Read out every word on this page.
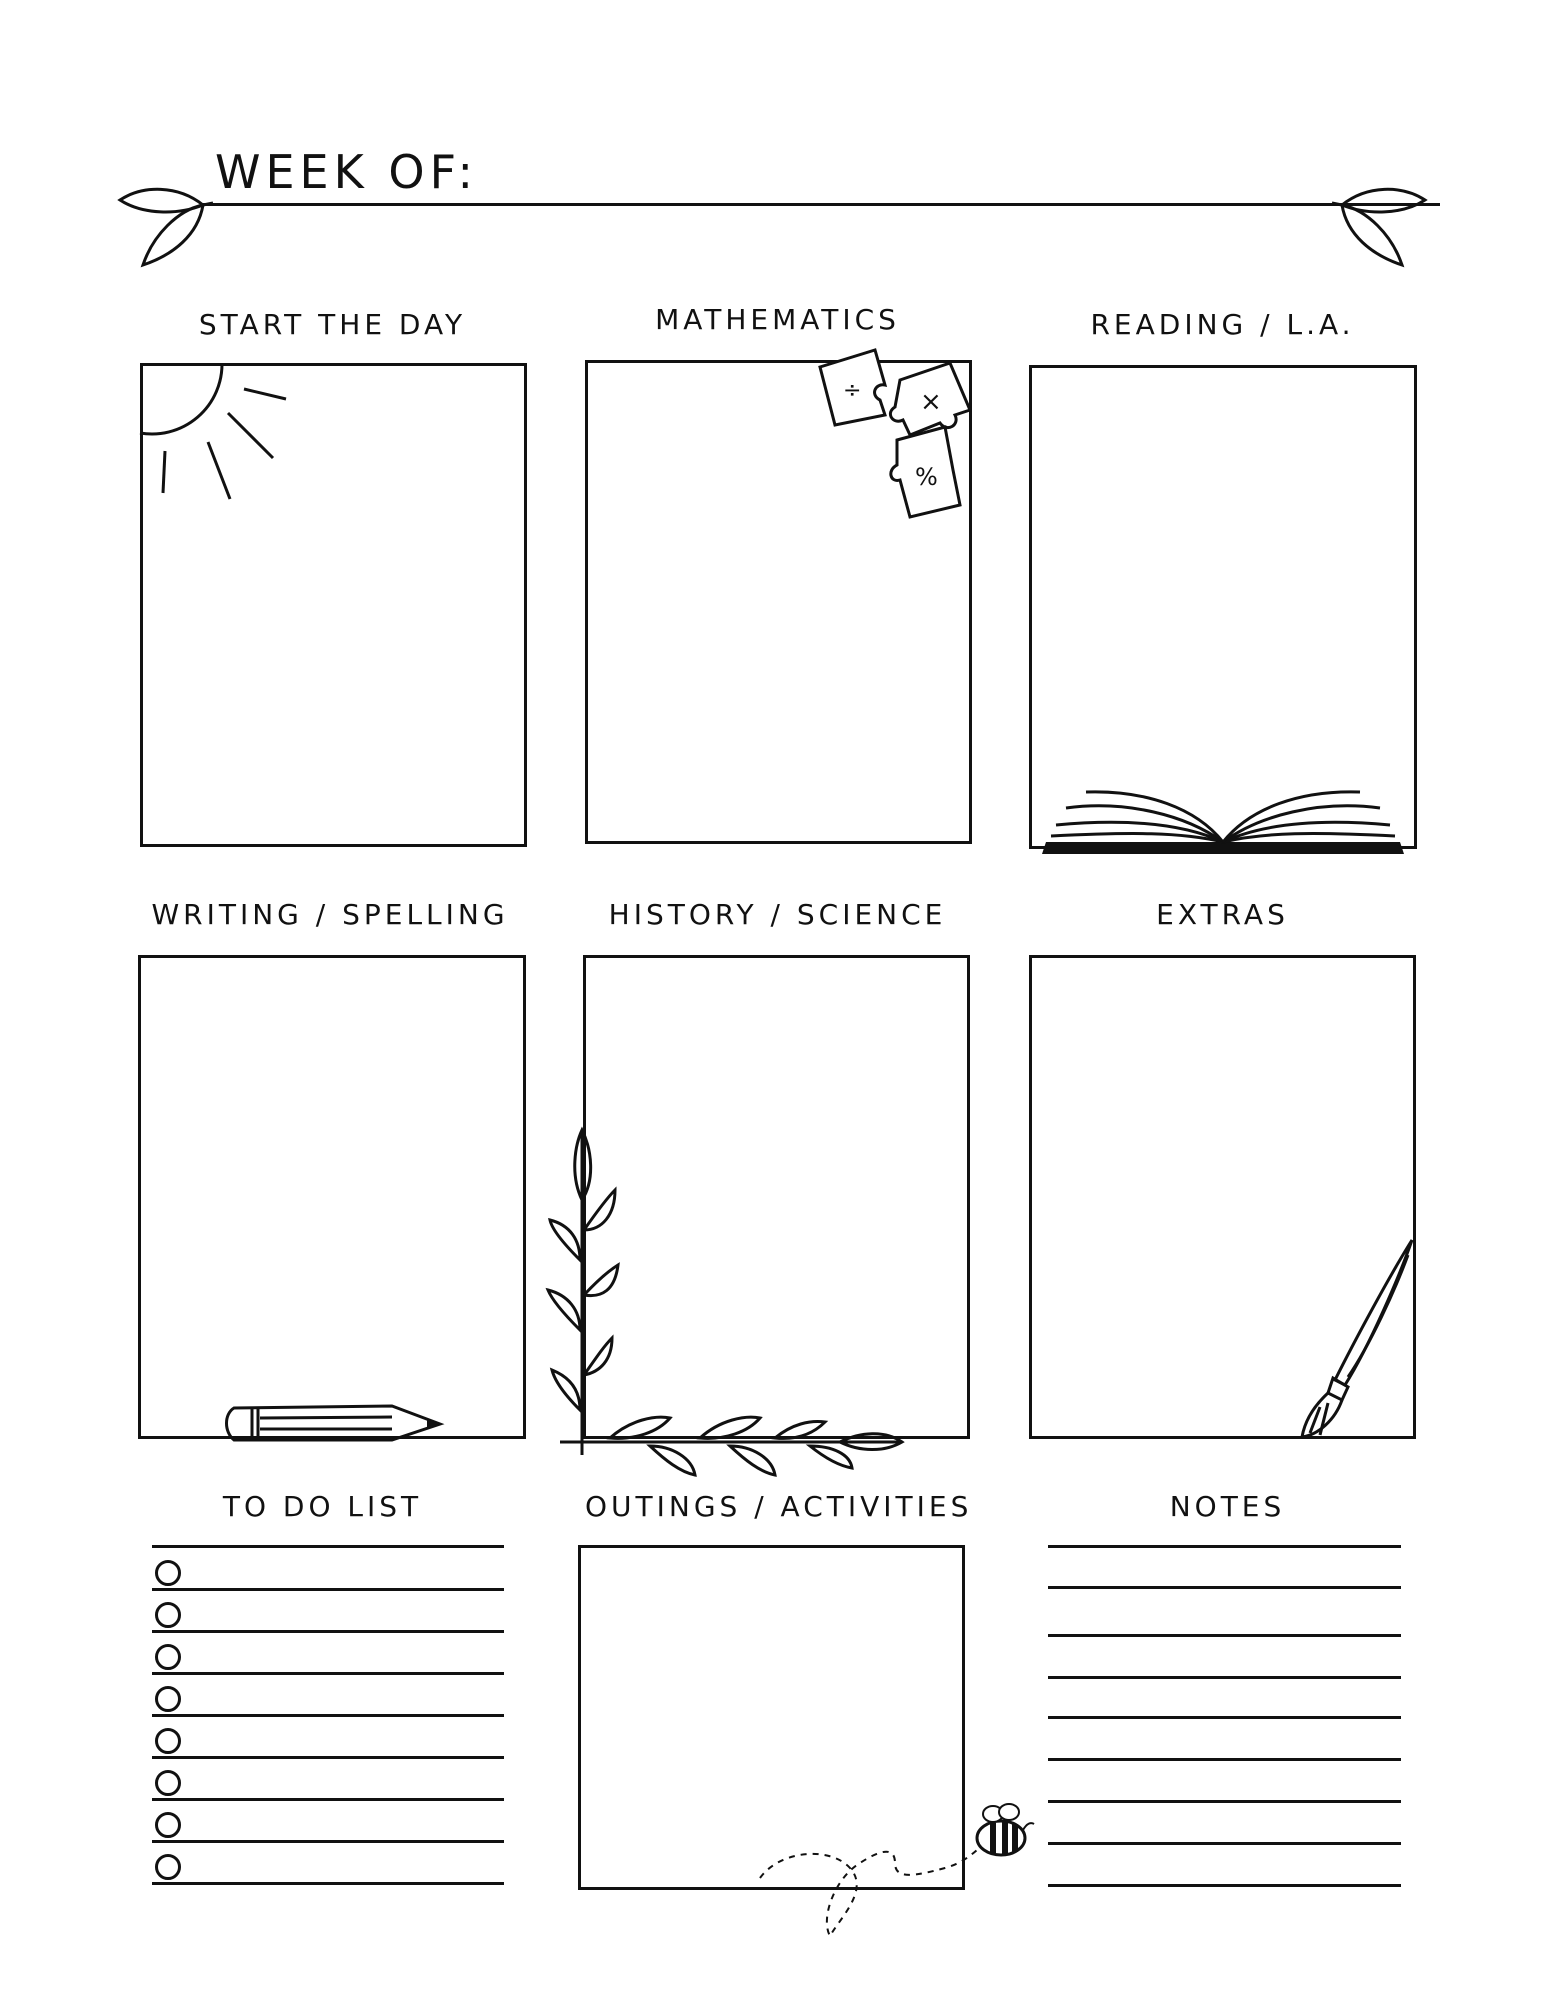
WEEK OF:
START THE DAY	MATHEMATICS	READING / L.A.
÷ ×
%
WRITING / SPELLING	HISTORY / SCIENCE	EXTRAS
TO DO LIST	OUTINGS / ACTIVITIES	NOTES
